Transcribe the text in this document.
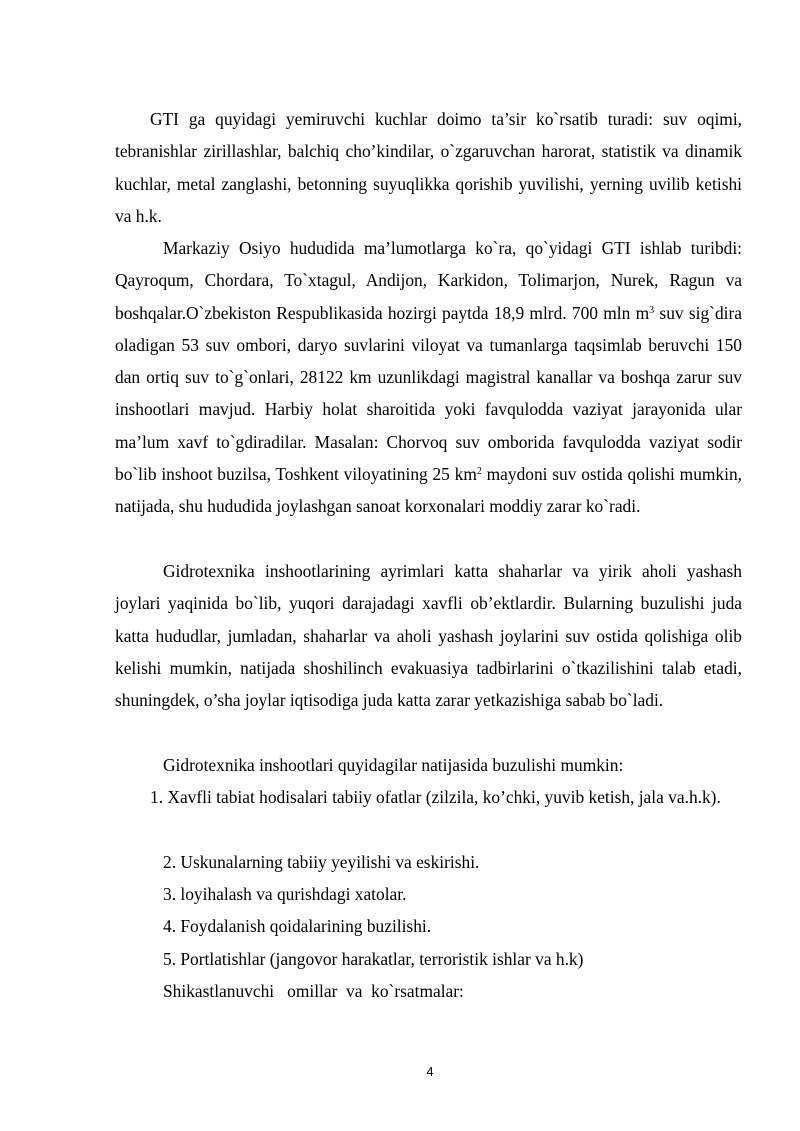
GTI ga quyidagi yemiruvchi kuchlar doimo ta’sir ko`rsatib turadi: suv oqimi, tebranishlar zirillashlar, balchiq cho’kindilar, o`zgaruvchan harorat, statistik va dinamik kuchlar, metal zanglashi, betonning suyuqlikka qorishib yuvilishi, yerning uvilib ketishi va h.k.

Markaziy Osiyo hududida ma’lumotlarga ko`ra, qo`yidagi GTI ishlab turibdi: Qayroqum, Chordara, To`xtagul, Andijon, Karkidon, Tolimarjon, Nurek, Ragun va boshqalar.O`zbekiston Respublikasida hozirgi paytda 18,9 mlrd. 700 mln $m^3$ suv sig`dira oladigan 53 suv ombori, daryo suvlarini viloyat va tumanlarga taqsimlab beruvchi 150 dan ortiq suv to`g`onlari, 28122 km uzunlikdagi magistral kanallar va boshqa zarur suv inshootlari mavjud. Harbiy holat sharoitida yoki favqulodda vaziyat jarayonida ular ma’lum xavf to`gdiradilar. Masalan: Chorvoq suv omborida favqulodda vaziyat sodir bo`lib inshoot buzilsa, Toshkent viloyatining 25 $km^2$ maydoni suv ostida qolishi mumkin, natijada, shu hududida joylashgan sanoat korxonalari moddiy zarar ko`radi.

Gidrotexnika inshootlarining ayrimlari katta shaharlar va yirik aholi yashash joylari yaqinida bo`lib, yuqori darajadagi xavfli ob’ektlardir. Bularning buzulishi juda katta hududlar, jumladan, shaharlar va aholi yashash joylarini suv ostida qolishiga olib kelishi mumkin, natijada shoshilinch evakuasiya tadbirlarini o`tkazilishini talab etadi, shuningdek, o’sha joylar iqtisodiga juda katta zarar yetkazishiga sabab bo`ladi.

Gidrotexnika inshootlari quyidagilar natijasida buzulishi mumkin:

1. Xavfli tabiat hodisalari tabiiy ofatlar (zilzila, ko’chki, yuvib ketish, jala va.h.k).

2. Uskunalarning tabiiy yeyilishi va eskirishi.

3. loyihalash va qurishdagi xatolar.

4. Foydalanish qoidalarining buzilishi.

5. Portlatishlar (jangovor harakatlar, terroristik ishlar va h.k)

Shikastlanuvchi   omillar  va  ko`rsatmalar:

4
